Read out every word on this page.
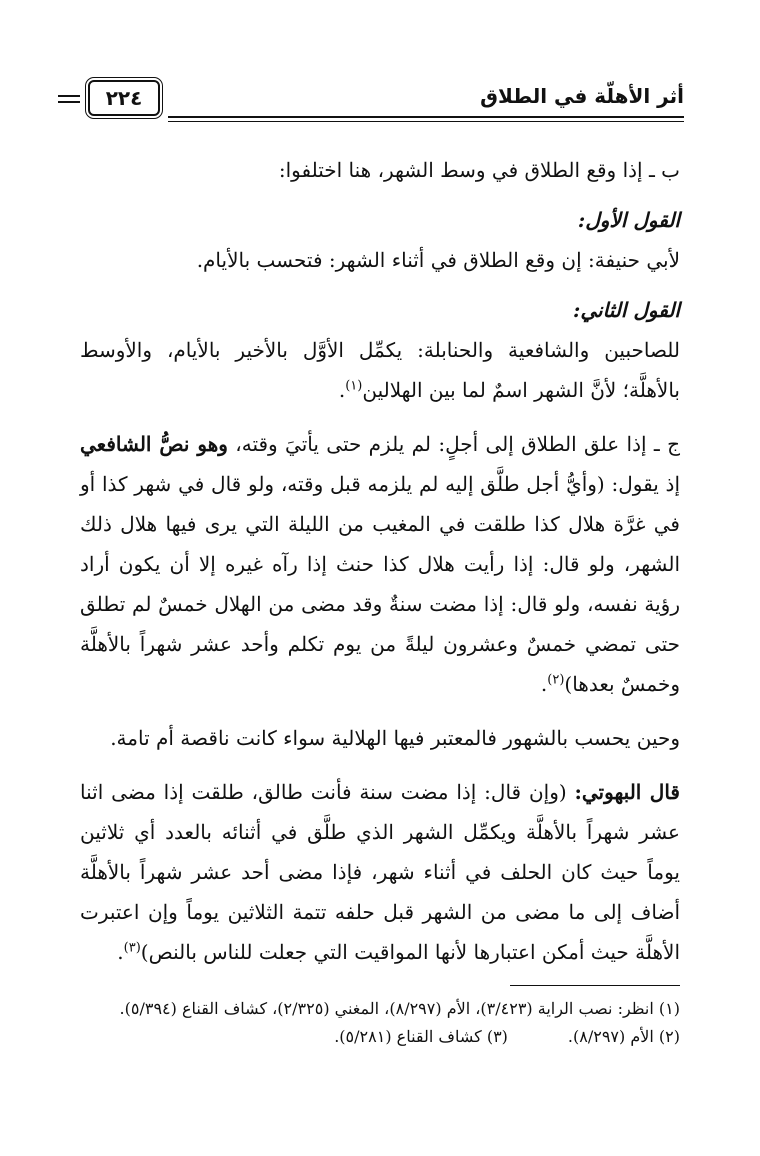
أثر الأهلّة في الطلاق
٢٢٤

ب ـ إذا وقع الطلاق في وسط الشهر، هنا اختلفوا:

القول الأول:

لأبي حنيفة: إن وقع الطلاق في أثناء الشهر: فتحسب بالأيام.

القول الثاني:

للصاحبين والشافعية والحنابلة: يكمِّل الأوَّل بالأخير بالأيام، والأوسط بالأهلَّة؛ لأنَّ الشهر اسمٌ لما بين الهلالين$^{(١)}$.

ج ـ إذا علق الطلاق إلى أجلٍ: لم يلزم حتى يأتيَ وقته، وهو نصُّ الشافعي إذ يقول: (وأيُّ أجل طلَّق إليه لم يلزمه قبل وقته، ولو قال في شهر كذا أو في غرَّة هلال كذا طلقت في المغيب من الليلة التي يرى فيها هلال ذلك الشهر، ولو قال: إذا رأيت هلال كذا حنث إذا رآه غيره إلا أن يكون أراد رؤية نفسه، ولو قال: إذا مضت سنةٌ وقد مضى من الهلال خمسٌ لم تطلق حتى تمضي خمسٌ وعشرون ليلةً من يوم تكلم وأحد عشر شهراً بالأهلَّة وخمسٌ بعدها)$^{(٢)}$.

وحين يحسب بالشهور فالمعتبر فيها الهلالية سواء كانت ناقصة أم تامة.

قال البهوتي: (وإن قال: إذا مضت سنة فأنت طالق، طلقت إذا مضى اثنا عشر شهراً بالأهلَّة ويكمِّل الشهر الذي طلَّق في أثنائه بالعدد أي ثلاثين يوماً حيث كان الحلف في أثناء شهر، فإذا مضى أحد عشر شهراً بالأهلَّة أضاف إلى ما مضى من الشهر قبل حلفه تتمة الثلاثين يوماً وإن اعتبرت الأهلَّة حيث أمكن اعتبارها لأنها المواقيت التي جعلت للناس بالنص)$^{(٣)}$.

(١) انظر: نصب الراية (٣/٤٢٣)، الأم (٨/٢٩٧)، المغني (٢/٣٢٥)، كشاف القناع (٥/٣٩٤).

(٢) الأم (٨/٢٩٧).

(٣) كشاف القناع (٥/٢٨١).
